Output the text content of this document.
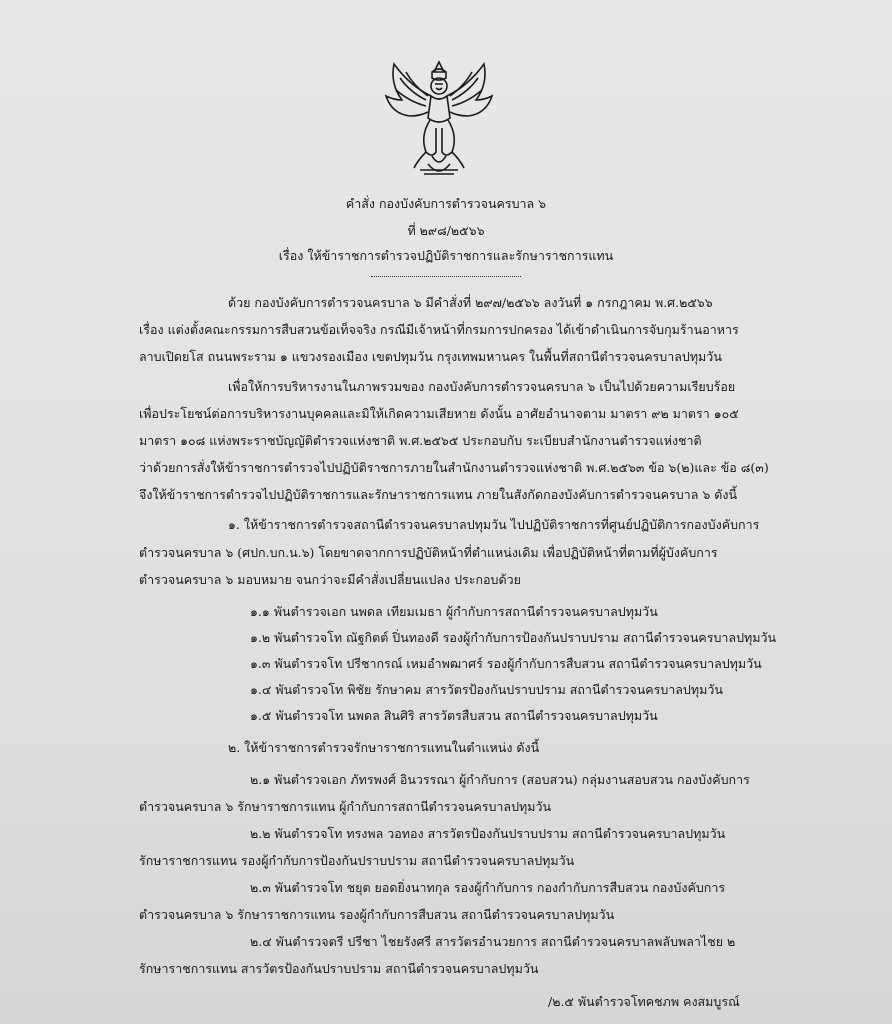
คำสั่ง กองบังคับการตำรวจนครบาล ๖
ที่ ๒๙๘/๒๕๖๖
เรื่อง ให้ข้าราชการตำรวจปฏิบัติราชการและรักษาราชการแทน
ด้วย กองบังคับการตำรวจนครบาล ๖ มีคำสั่งที่ ๒๙๗/๒๕๖๖ ลงวันที่ ๑ กรกฎาคม พ.ศ.๒๕๖๖
เรื่อง แต่งตั้งคณะกรรมการสืบสวนข้อเท็จจริง กรณีมีเจ้าหน้าที่กรมการปกครอง ได้เข้าดำเนินการจับกุมร้านอาหาร
ลาบเปิดยโส ถนนพระราม ๑ แขวงรองเมือง เขตปทุมวัน กรุงเทพมหานคร ในพื้นที่สถานีตำรวจนครบาลปทุมวัน
เพื่อให้การบริหารงานในภาพรวมของ กองบังคับการตำรวจนครบาล ๖ เป็นไปด้วยความเรียบร้อย
เพื่อประโยชน์ต่อการบริหารงานบุคคลและมิให้เกิดความเสียหาย ดังนั้น อาศัยอำนาจตาม มาตรา ๙๒ มาตรา ๑๐๕
มาตรา ๑๐๘ แห่งพระราชบัญญัติตำรวจแห่งชาติ พ.ศ.๒๕๖๕ ประกอบกับ ระเบียบสำนักงานตำรวจแห่งชาติ
ว่าด้วยการสั่งให้ข้าราชการตำรวจไปปฏิบัติราชการภายในสำนักงานตำรวจแห่งชาติ พ.ศ.๒๕๖๓ ข้อ ๖(๒)และ ข้อ ๘(๓)
จึงให้ข้าราชการตำรวจไปปฏิบัติราชการและรักษาราชการแทน ภายในสังกัดกองบังคับการตำรวจนครบาล ๖ ดังนี้
๑. ให้ข้าราชการตำรวจสถานีตำรวจนครบาลปทุมวัน ไปปฏิบัติราชการที่ศูนย์ปฏิบัติการกองบังคับการ
ตำรวจนครบาล ๖ (ศปก.บก.น.๖) โดยขาดจากการปฏิบัติหน้าที่ตำแหน่งเดิม เพื่อปฏิบัติหน้าที่ตามที่ผู้บังคับการ
ตำรวจนครบาล ๖ มอบหมาย จนกว่าจะมีคำสั่งเปลี่ยนแปลง ประกอบด้วย
๑.๑ พันตำรวจเอก นพดล เทียมเมธา ผู้กำกับการสถานีตำรวจนครบาลปทุมวัน
๑.๒ พันตำรวจโท ณัฐกิตต์ ปิ่นทองดี รองผู้กำกับการป้องกันปราบปราม สถานีตำรวจนครบาลปทุมวัน
๑.๓ พันตำรวจโท ปรีชากรณ์ เหมอำพฒาศร์ รองผู้กำกับการสืบสวน สถานีตำรวจนครบาลปทุมวัน
๑.๔ พันตำรวจโท พิชัย รักษาคม สารวัตรป้องกันปราบปราม สถานีตำรวจนครบาลปทุมวัน
๑.๕ พันตำรวจโท นพดล สินศิริ สารวัตรสืบสวน สถานีตำรวจนครบาลปทุมวัน
๒. ให้ข้าราชการตำรวจรักษาราชการแทนในตำแหน่ง ดังนี้
๒.๑ พันตำรวจเอก ภัทรพงศ์ อินวรรณา ผู้กำกับการ (สอบสวน) กลุ่มงานสอบสวน กองบังคับการ
ตำรวจนครบาล ๖ รักษาราชการแทน ผู้กำกับการสถานีตำรวจนครบาลปทุมวัน
๒.๒ พันตำรวจโท ทรงพล วอทอง สารวัตรป้องกันปราบปราม สถานีตำรวจนครบาลปทุมวัน
รักษาราชการแทน รองผู้กำกับการป้องกันปราบปราม สถานีตำรวจนครบาลปทุมวัน
๒.๓ พันตำรวจโท ชยุต ยอดยิ่งนาทกุล รองผู้กำกับการ กองกำกับการสืบสวน กองบังคับการ
ตำรวจนครบาล ๖ รักษาราชการแทน รองผู้กำกับการสืบสวน สถานีตำรวจนครบาลปทุมวัน
๒.๔ พันตำรวจตรี ปรีชา ไชยรังศรี สารวัตรอำนวยการ สถานีตำรวจนครบาลพลับพลาไชย ๒
รักษาราชการแทน สารวัตรป้องกันปราบปราม สถานีตำรวจนครบาลปทุมวัน
/๒.๕ พันตำรวจโทคชภพ คงสมบูรณ์
